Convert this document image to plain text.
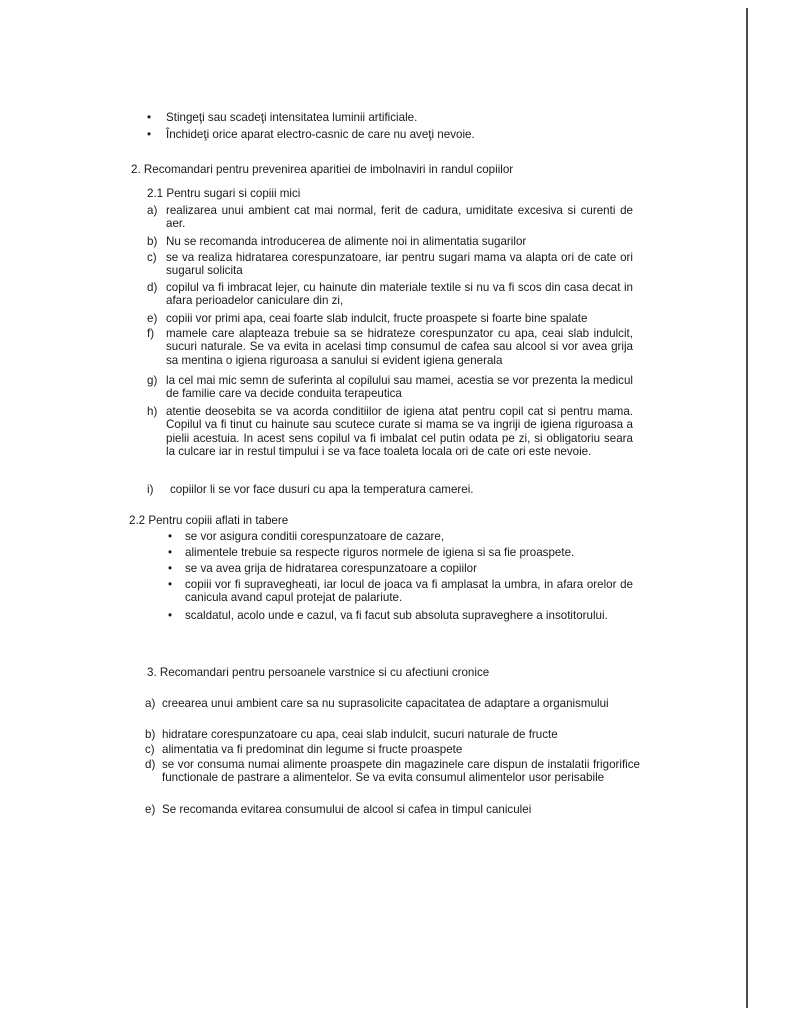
• Stingeţi sau scadeţi intensitatea luminii artificiale.
• Închideţi orice aparat electro-casnic de care nu aveţi nevoie.
2. Recomandari pentru prevenirea aparitiei de imbolnaviri in randul copiilor
2.1 Pentru sugari si copiii mici
a) realizarea unui ambient cat mai normal, ferit de cadura, umiditate excesiva si curenti de aer.
b) Nu se recomanda introducerea de alimente noi in alimentatia sugarilor
c) se va realiza hidratarea corespunzatoare, iar pentru sugari mama va alapta ori de cate ori sugarul solicita
d) copilul va fi imbracat lejer, cu hainute din materiale textile si nu va fi scos din casa decat in afara perioadelor caniculare din zi,
e) copiii vor primi apa, ceai foarte slab indulcit, fructe proaspete si foarte bine spalate
f) mamele care alapteaza trebuie sa se hidrateze corespunzator cu apa, ceai slab indulcit, sucuri naturale. Se va evita in acelasi timp consumul de cafea sau alcool si vor avea grija sa mentina o igiena riguroasa a sanului si evident igiena generala
g) la cel mai mic semn de suferinta al copilului sau mamei, acestia se vor prezenta la medicul de familie care va decide conduita terapeutica
h) atentie deosebita se va acorda conditiilor de igiena atat pentru copil cat si pentru mama. Copilul va fi tinut cu hainute sau scutece curate si mama se va ingriji de igiena riguroasa a pielii acestuia. In acest sens copilul va fi imbalat cel putin odata pe zi, si obligatoriu seara la culcare iar in restul timpului i se va face toaleta locala ori de cate ori este nevoie.
i) copiilor li se vor face dusuri cu apa la temperatura camerei.
2.2 Pentru copiii aflati in tabere
• se vor asigura conditii corespunzatoare de cazare,
• alimentele trebuie sa respecte riguros normele de igiena si sa fie proaspete.
• se va avea grija de hidratarea corespunzatoare a copiilor
• copiii vor fi supravegheati, iar locul de joaca va fi amplasat la umbra, in afara orelor de canicula avand capul protejat de palariute.
• scaldatul, acolo unde e cazul, va fi facut sub absoluta supraveghere a insotitorului.
3. Recomandari pentru persoanele varstnice si cu afectiuni cronice
a) creearea unui ambient care sa nu suprasolicite capacitatea de adaptare a organismului
b) hidratare corespunzatoare cu apa, ceai slab indulcit, sucuri naturale de fructe
c) alimentatia va fi predominat din legume si fructe proaspete
d) se vor consuma numai alimente proaspete din magazinele care dispun de instalatii frigorifice functionale de pastrare a alimentelor. Se va evita consumul alimentelor usor perisabile
e) Se recomanda evitarea consumului de alcool si cafea in timpul caniculei
